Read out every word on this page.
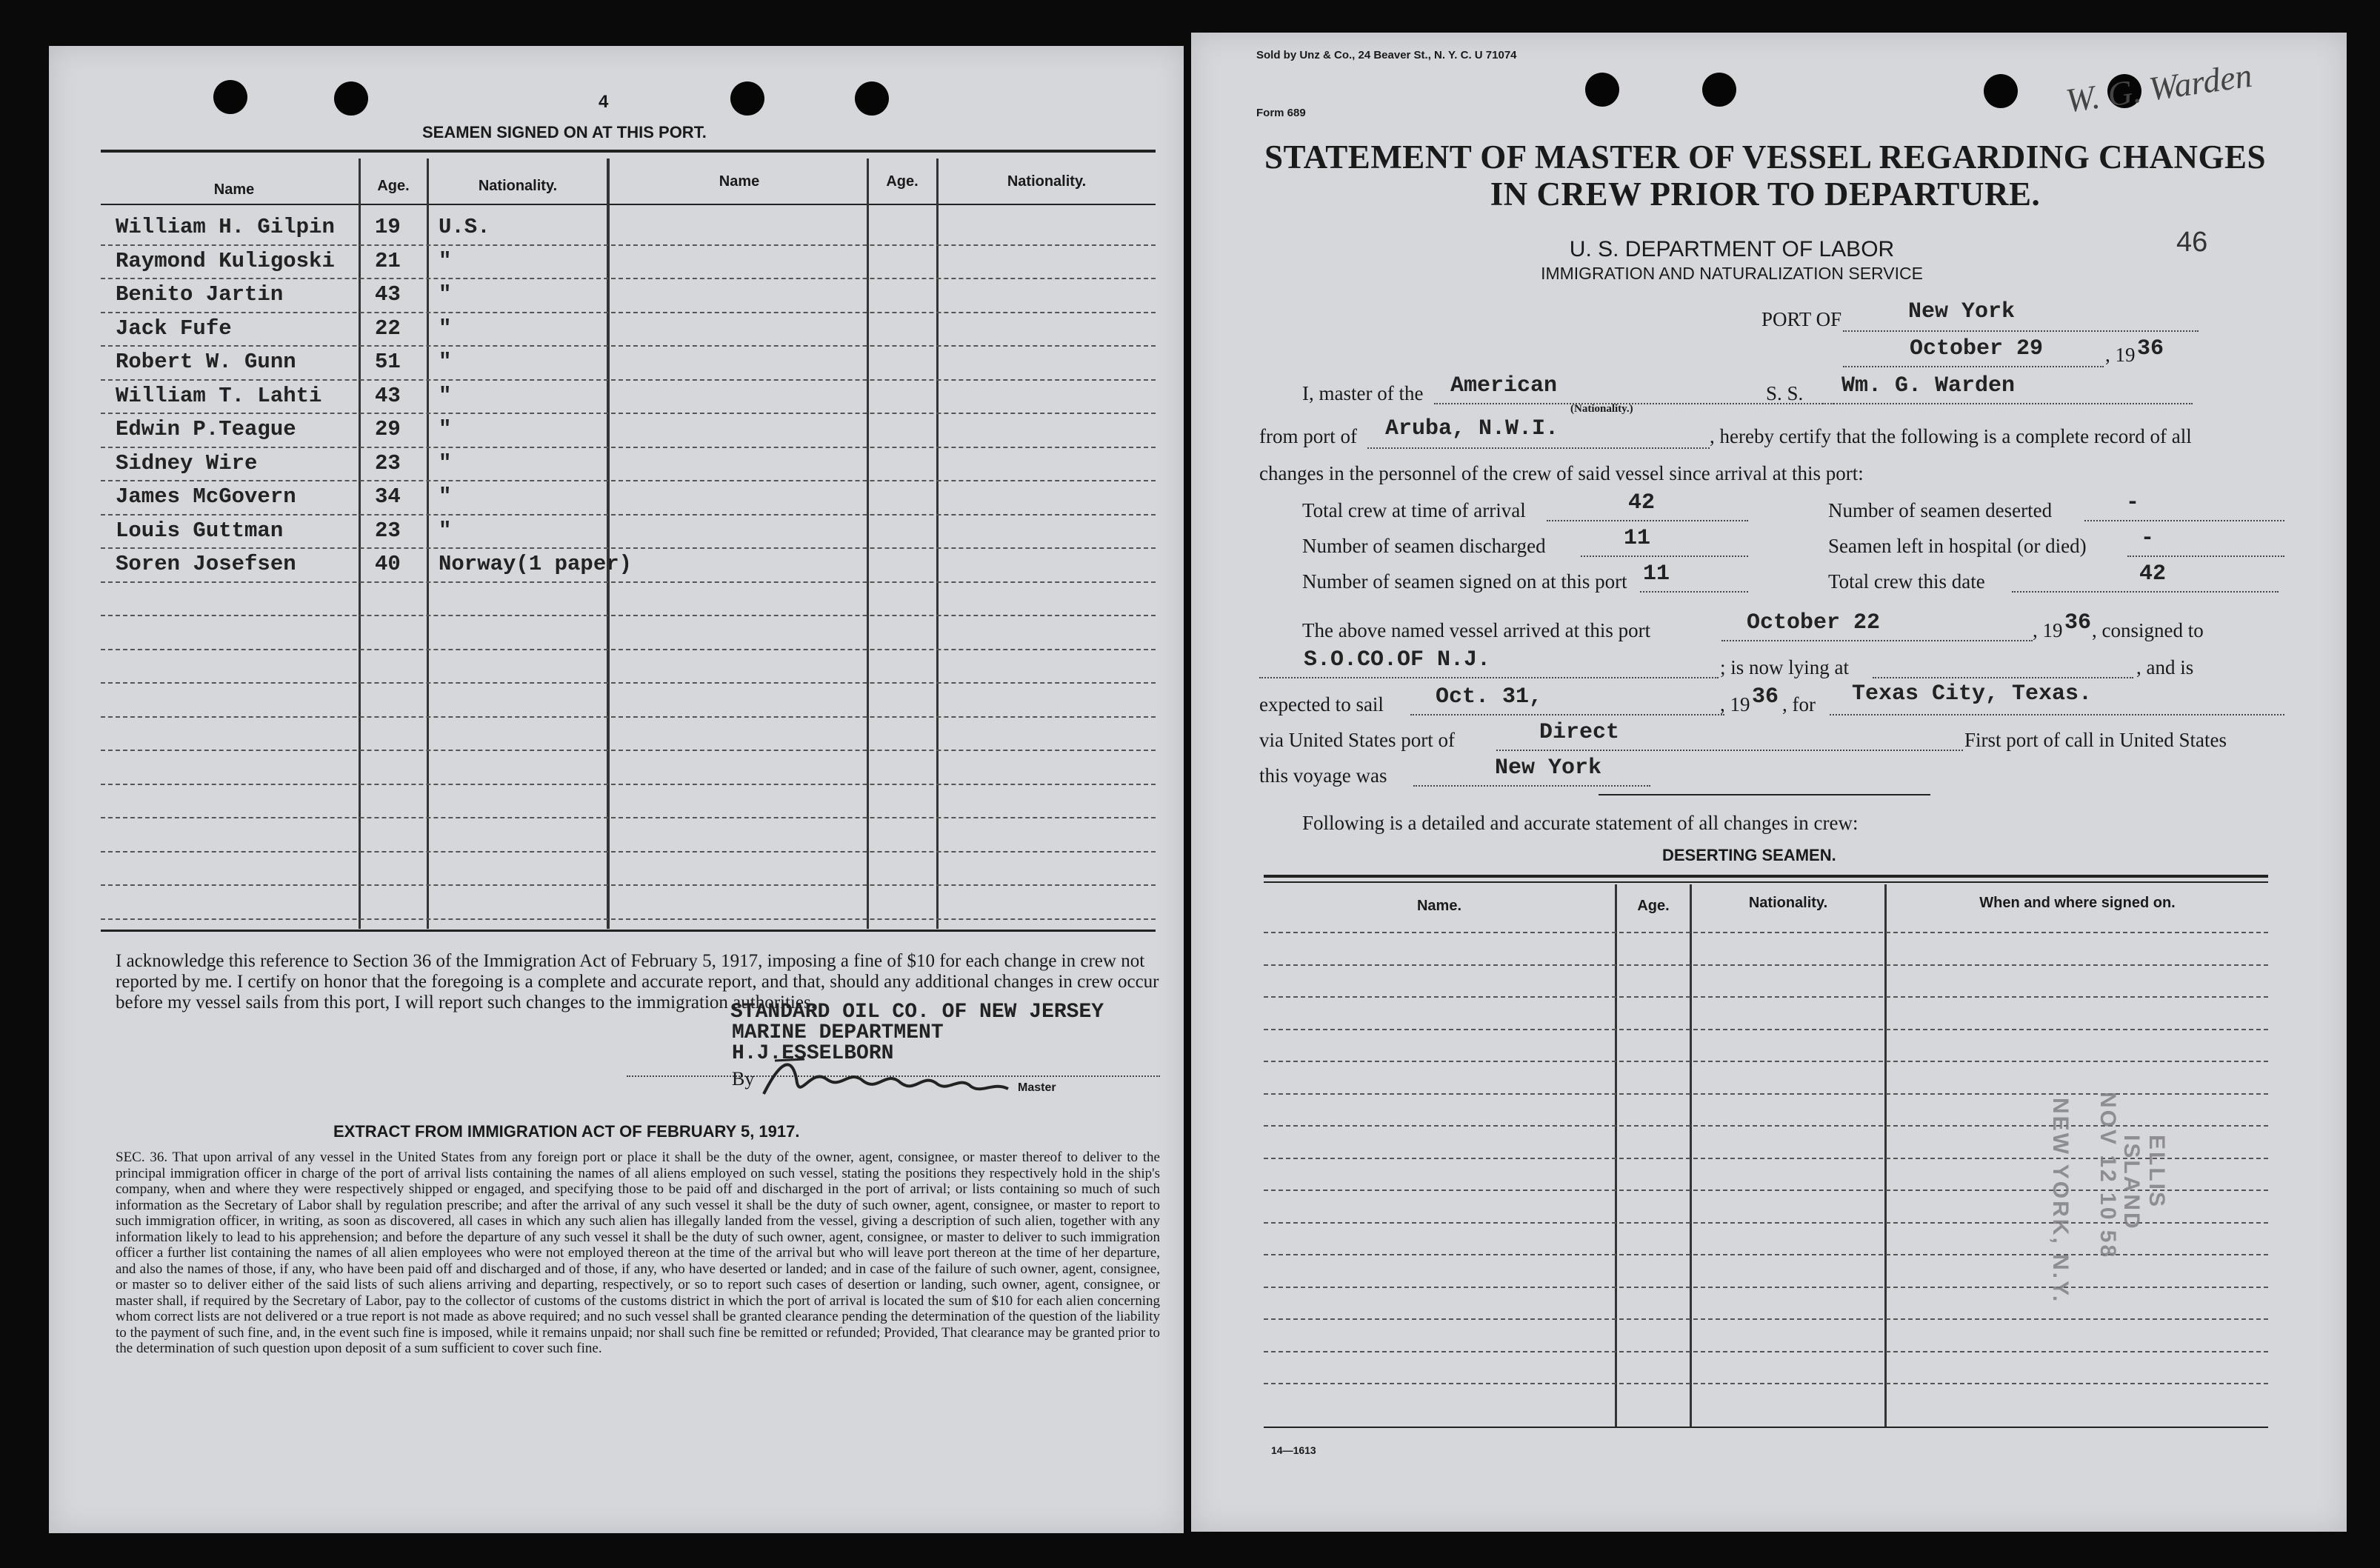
4
SEAMEN SIGNED ON AT THIS PORT.
Name	Age.	Nationality.	Name	Age.	Nationality.
William H. Gilpin 19 U.S.
Raymond Kuligoski 21 "
Benito Jartin	43 "
Jack Fufe	22 "
Robert W. Gunn	51 "
William T. Lahti 43 "
Edwin P.Teague	29 "
Sidney Wire	23 "
James McGovern	34 "
Louis Guttman	23 "
Soren Josefsen	40 Norway(1 paper)
I acknowledge this reference to Section 36 of the Immigration Act of February 5, 1917, imposing a fine of $10 for each change in crew not reported by me. I certify on honor that the foregoing is a complete and accurate report, and that, should any additional changes in crew occur before my vessel sails from this port, I will report such changes to the immigration authorities.
STANDARD OIL CO. OF NEW JERSEY
MARINE DEPARTMENT
H.J.ESSELBORN
By	Master
EXTRACT FROM IMMIGRATION ACT OF FEBRUARY 5, 1917.
SEC. 36. That upon arrival of any vessel in the United States from any foreign port or place it shall be the duty of the owner, agent, consignee, or master thereof to deliver to the principal immigration officer in charge of the port of arrival lists containing the names of all aliens employed on such vessel, stating the positions they respectively hold in the ship's company, when and where they were respectively shipped or engaged, and specifying those to be paid off and discharged in the port of arrival; or lists containing so much of such information as the Secretary of Labor shall by regulation prescribe; and after the arrival of any such vessel it shall be the duty of such owner, agent, consignee, or master to report to such immigration officer, in writing, as soon as discovered, all cases in which any such alien has illegally landed from the vessel, giving a description of such alien, together with any information likely to lead to his apprehension; and before the departure of any such vessel it shall be the duty of such owner, agent, consignee, or master to deliver to such immigration officer a further list containing the names of all alien employees who were not employed thereon at the time of the arrival but who will leave port thereon at the time of her departure, and also the names of those, if any, who have been paid off and discharged and of those, if any, who have deserted or landed; and in case of the failure of such owner, agent, consignee, or master so to deliver either of the said lists of such aliens arriving and departing, respectively, or so to report such cases of desertion or landing, such owner, agent, consignee, or master shall, if required by the Secretary of Labor, pay to the collector of customs of the customs district in which the port of arrival is located the sum of $10 for each alien concerning whom correct lists are not delivered or a true report is not made as above required; and no such vessel shall be granted clearance pending the determination of the question of the liability to the payment of such fine, and, in the event such fine is imposed, while it remains unpaid; nor shall such fine be remitted or refunded; Provided, That clearance may be granted prior to the determination of such question upon deposit of a sum sufficient to cover such fine.
Sold by Unz & Co., 24 Beaver St., N. Y. C. U 71074
Form 689	W. G. Warden
STATEMENT OF MASTER OF VESSEL REGARDING CHANGES
IN CREW PRIOR TO DEPARTURE.
U. S. DEPARTMENT OF LABOR
IMMIGRATION AND NATURALIZATION SERVICE
46
PORT OF	New York
October 29	, 19 36
I, master of the American
(Nationality.)
S. S. Wm. G. Warden
from port of Aruba, N.W.I.	, hereby certify that the following is a complete record of all
changes in the personnel of the crew of said vessel since arrival at this port:
Total crew at time of arrival	42	Number of seamen deserted	-
Number of seamen discharged	11	Seamen left in hospital (or died) -
Number of seamen signed on at this port 11	Total crew this date	42
The above named vessel arrived at this port	October 22	, 19 36 , consigned to
S.O.CO.OF N.J.	; is now lying at	, and is
expected to sail Oct. 31,	, 19 36 , for Texas City, Texas.
via United States port of	Direct	First port of call in United States
this voyage was	New York
Following is a detailed and accurate statement of all changes in crew:
DESERTING SEAMEN.
Name.	Age.	Nationality.	When and where signed on.
ELLIS ISLAND
NOV 12 10 58
NEW YORK, N.Y.
14—1613
